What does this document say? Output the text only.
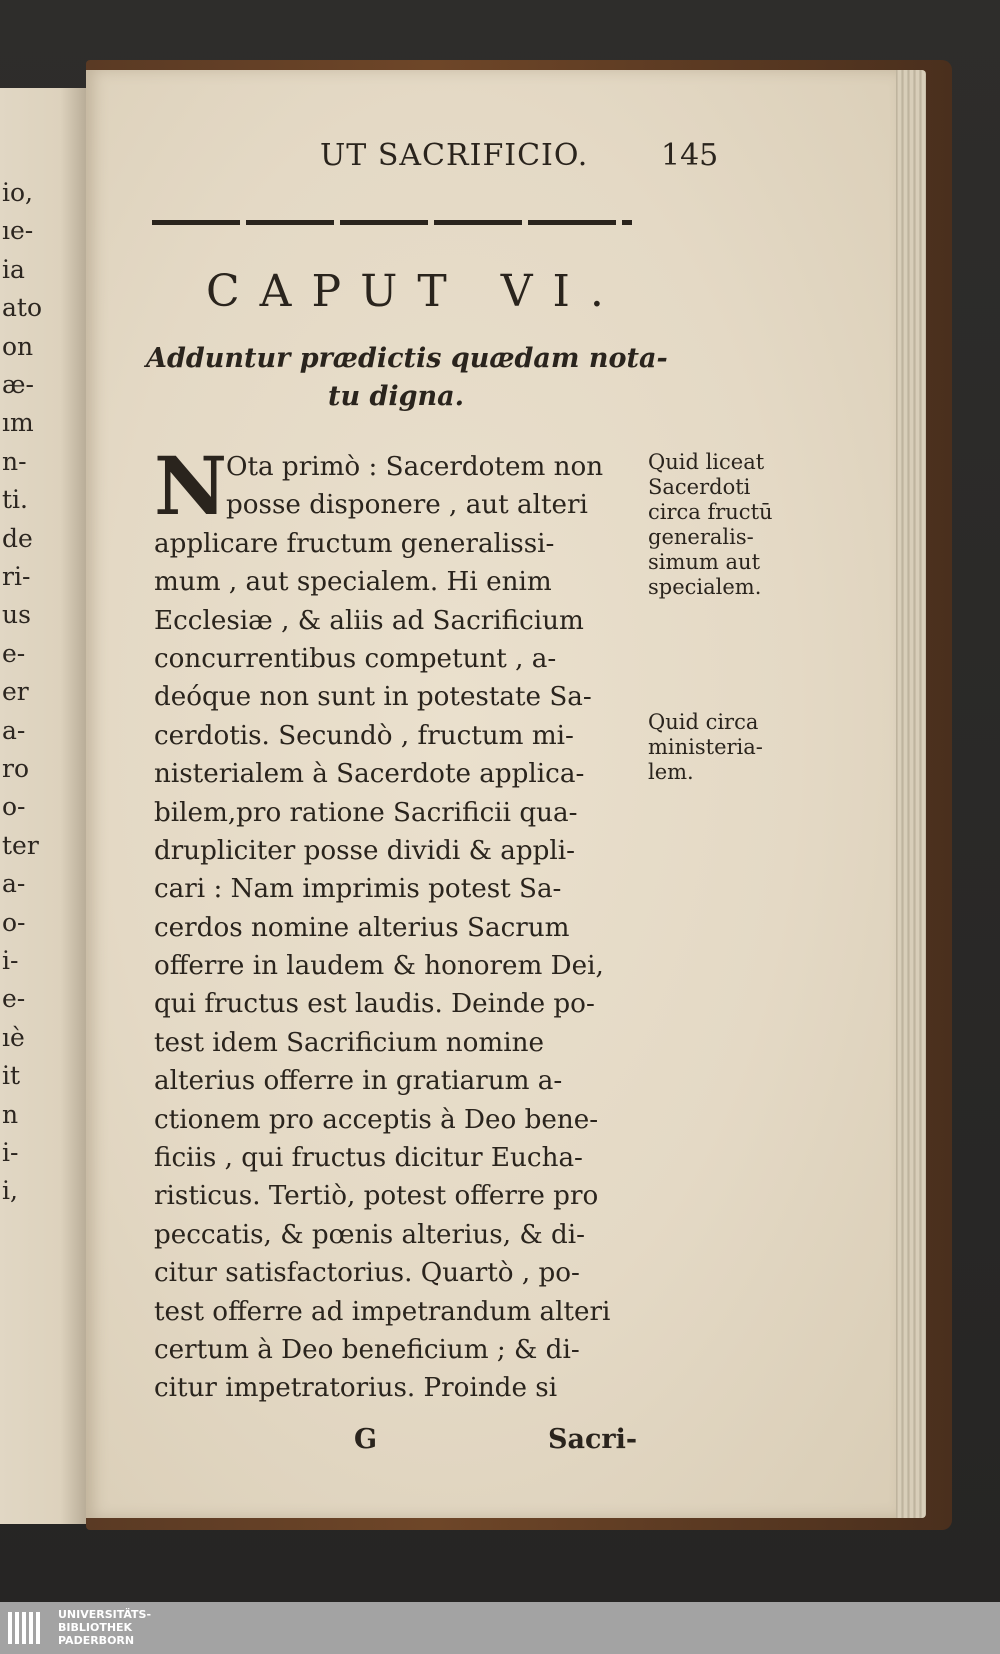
io,
ıe-
ia
ato
on
æ-
ım
n-
ti.
de
ri-
us
e-
er
a-
ro
o-
ter
a-
o-
i-
e-
ıè
it
n
i-
i,
UT SACRIFICIO. 145
CAPUT VI.
Adduntur prædictis quædam nota-
tu digna.
N
Ota primò : Sacerdotem non
posse disponere , aut alteri
applicare fructum generalissi-
mum , aut specialem. Hi enim
Ecclesiæ , & aliis ad Sacrificium
concurrentibus competunt , a-
deóque non sunt in potestate Sa-
cerdotis. Secundò , fructum mi-
nisterialem à Sacerdote applica-
bilem,pro ratione Sacrificii qua-
drupliciter posse dividi & appli-
cari : Nam imprimis potest Sa-
cerdos nomine alterius Sacrum
offerre in laudem & honorem Dei,
qui fructus est laudis. Deinde po-
test idem Sacrificium nomine
alterius offerre in gratiarum a-
ctionem pro acceptis à Deo bene-
ficiis , qui fructus dicitur Eucha-
risticus. Tertiò, potest offerre pro
peccatis, & pœnis alterius, & di-
citur satisfactorius. Quartò , po-
test offerre ad impetrandum alteri
certum à Deo beneficium ; & di-
citur impetratorius. Proinde si
Quid liceat
Sacerdoti
circa fructū
generalis-
simum aut
specialem.
Quid circa
ministeria-
lem.
G	Sacri-
UNIVERSITÄTS-
BIBLIOTHEK
PADERBORN
